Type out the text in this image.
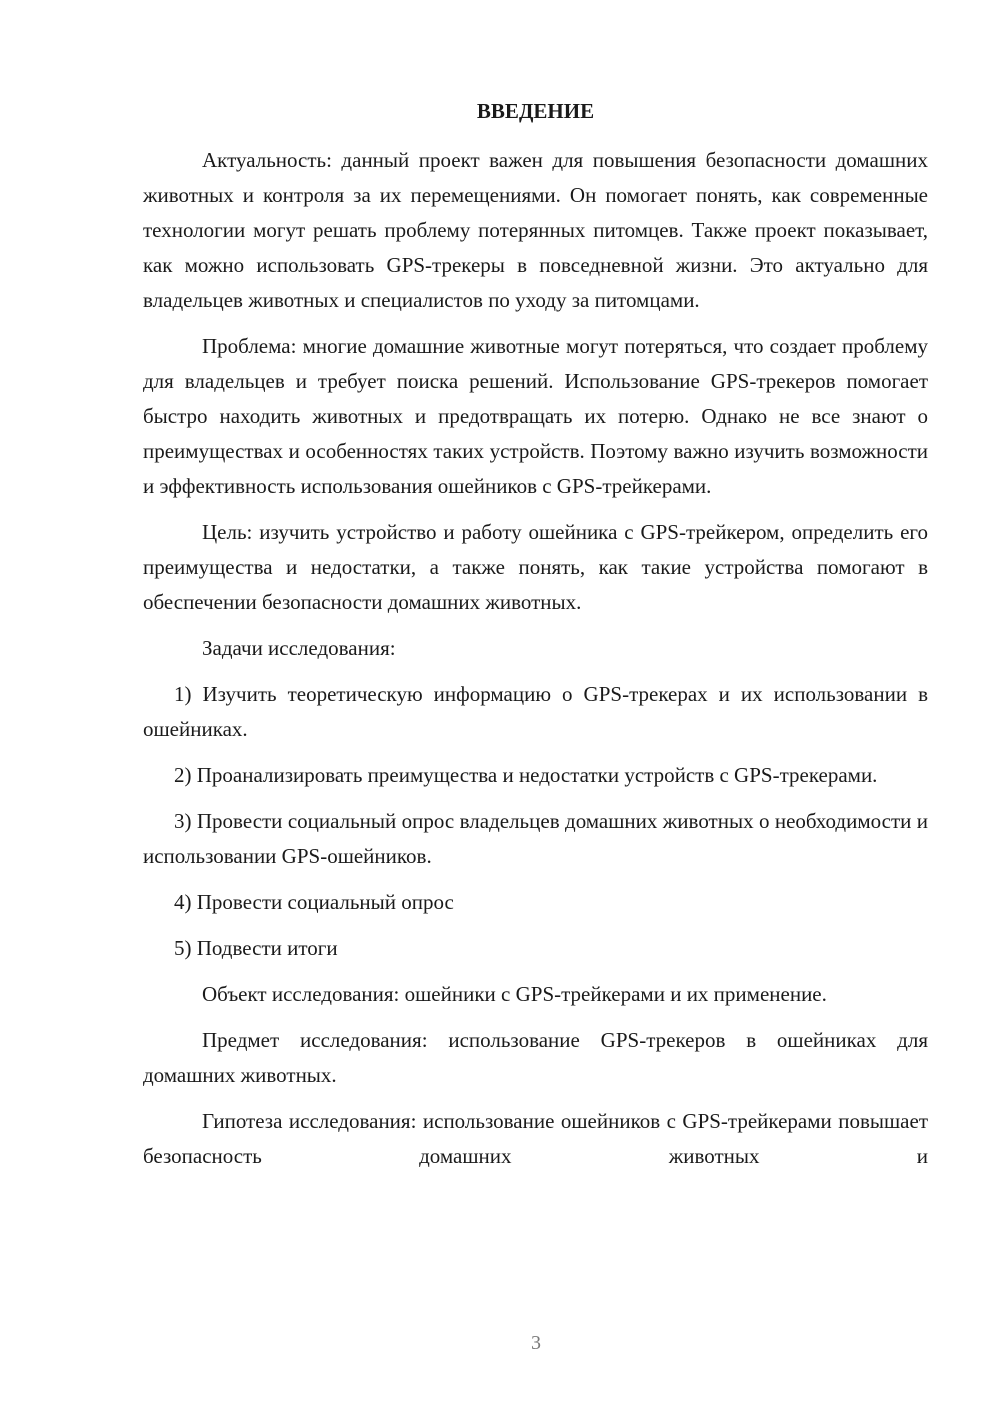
ВВЕДЕНИЕ

Актуальность: данный проект важен для повышения безопасности домашних животных и контроля за их перемещениями. Он помогает понять, как современные технологии могут решать проблему потерянных питомцев. Также проект показывает, как можно использовать GPS-трекеры в повседневной жизни. Это актуально для владельцев животных и специалистов по уходу за питомцами.

Проблема: многие домашние животные могут потеряться, что создает проблему для владельцев и требует поиска решений. Использование GPS-трекеров помогает быстро находить животных и предотвращать их потерю. Однако не все знают о преимуществах и особенностях таких устройств. Поэтому важно изучить возможности и эффективность использования ошейников с GPS-трейкерами.

Цель: изучить устройство и работу ошейника с GPS-трейкером, определить его преимущества и недостатки, а также понять, как такие устройства помогают в обеспечении безопасности домашних животных.

Задачи исследования:

1) Изучить теоретическую информацию о GPS-трекерах и их использовании в ошейниках.

2) Проанализировать преимущества и недостатки устройств с GPS-трекерами.

3) Провести социальный опрос владельцев домашних животных о необходимости и использовании GPS-ошейников.

4) Провести социальный опрос

5) Подвести итоги

Объект исследования: ошейники с GPS-трейкерами и их применение.

Предмет исследования: использование GPS-трекеров в ошейниках для домашних животных.

Гипотеза исследования: использование ошейников с GPS-трейкерами повышает безопасность домашних животных и

3
